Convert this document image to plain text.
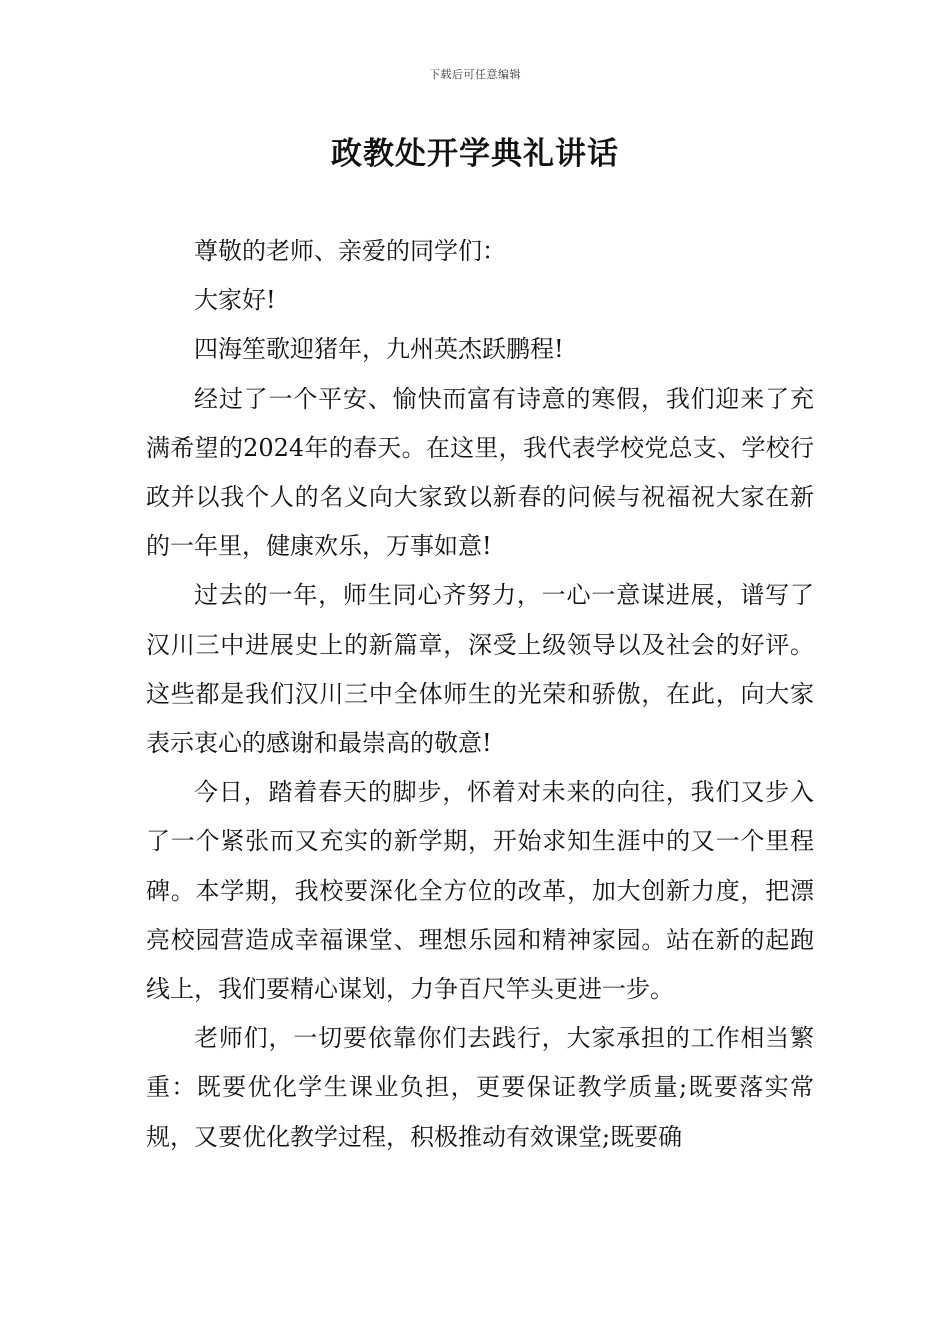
下载后可任意编辑
政教处开学典礼讲话

尊敬的老师、亲爱的同学们：

大家好!

四海笙歌迎猪年，九州英杰跃鹏程!

经过了一个平安、愉快而富有诗意的寒假，我们迎来了充满希望的2024年的春天。在这里，我代表学校党总支、学校行政并以我个人的名义向大家致以新春的问候与祝福祝大家在新的一年里，健康欢乐，万事如意!

过去的一年，师生同心齐努力，一心一意谋进展，谱写了汉川三中进展史上的新篇章，深受上级领导以及社会的好评。这些都是我们汉川三中全体师生的光荣和骄傲，在此，向大家表示衷心的感谢和最崇高的敬意!

今日，踏着春天的脚步，怀着对未来的向往，我们又步入了一个紧张而又充实的新学期，开始求知生涯中的又一个里程碑。本学期，我校要深化全方位的改革，加大创新力度，把漂亮校园营造成幸福课堂、理想乐园和精神家园。站在新的起跑线上，我们要精心谋划，力争百尺竿头更进一步。

老师们，一切要依靠你们去践行，大家承担的工作相当繁重：既要优化学生课业负担，更要保证教学质量;既要落实常规，又要优化教学过程，积极推动有效课堂;既要确
